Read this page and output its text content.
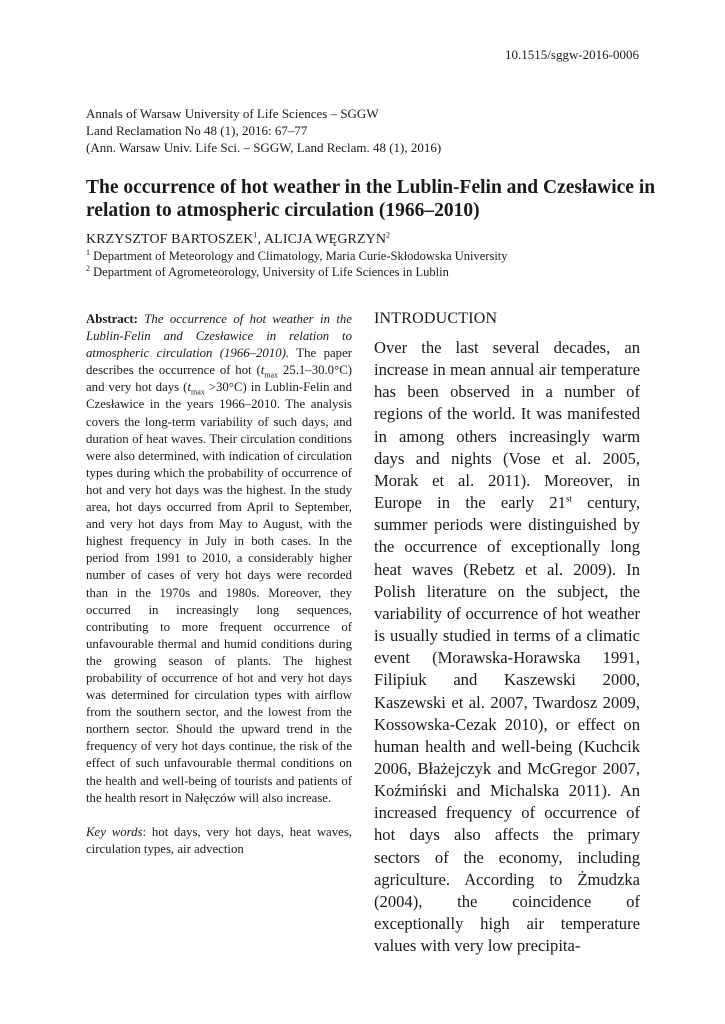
10.1515/sggw-2016-0006
Annals of Warsaw University of Life Sciences – SGGW
Land Reclamation No 48 (1), 2016: 67–77
(Ann. Warsaw Univ. Life Sci. – SGGW, Land Reclam. 48 (1), 2016)
The occurrence of hot weather in the Lublin-Felin and Czesławice in relation to atmospheric circulation (1966–2010)
KRZYSZTOF BARTOSZEK$^1$, ALICJA WĘGRZYN$^2$
$^1$ Department of Meteorology and Climatology, Maria Curie-Skłodowska University
$^2$ Department of Agrometeorology, University of Life Sciences in Lublin

Abstract: The occurrence of hot weather in the Lublin-Felin and Czesławice in relation to atmospheric circulation (1966–2010). The paper describes the occurrence of hot ($t_{max}$ 25.1–30.0°C) and very hot days $(t_{max} >30^\circ C)$ in Lublin-Felin and Czesławice in the years 1966–2010. The analysis covers the long-term variability of such days, and duration of heat waves. Their circulation conditions were also determined, with indication of circulation types during which the probability of occurrence of hot and very hot days was the highest. In the study area, hot days occurred from April to September, and very hot days from May to August, with the highest frequency in July in both cases. In the period from 1991 to 2010, a considerably higher number of cases of very hot days were recorded than in the 1970s and 1980s. Moreover, they occurred in increasingly long sequences, contributing to more frequent occurrence of unfavourable thermal and humid conditions during the growing season of plants. The highest probability of occurrence of hot and very hot days was determined for circulation types with airflow from the southern sector, and the lowest from the northern sector. Should the upward trend in the frequency of very hot days continue, the risk of the effect of such unfavourable thermal conditions on the health and well-being of tourists and patients of the health resort in Nałęczów will also increase.

Key words: hot days, very hot days, heat waves, circulation types, air advection

INTRODUCTION

Over the last several decades, an increase in mean annual air temperature has been observed in a number of regions of the world. It was manifested in among others increasingly warm days and nights (Vose et al. 2005, Morak et al. 2011). Moreover, in Europe in the early 21st century, summer periods were distinguished by the occurrence of exceptionally long heat waves (Rebetz et al. 2009). In Polish literature on the subject, the variability of occurrence of hot weather is usually studied in terms of a climatic event (Morawska-Horawska 1991, Filipiuk and Kaszewski 2000, Kaszewski et al. 2007, Twardosz 2009, Kossowska-Cezak 2010), or effect on human health and well-being (Kuchcik 2006, Błażejczyk and McGregor 2007, Koźmiński and Michalska 2011). An increased frequency of occurrence of hot days also affects the primary sectors of the economy, including agriculture. According to Żmudzka (2004), the coincidence of exceptionally high air temperature values with very low precipita-
